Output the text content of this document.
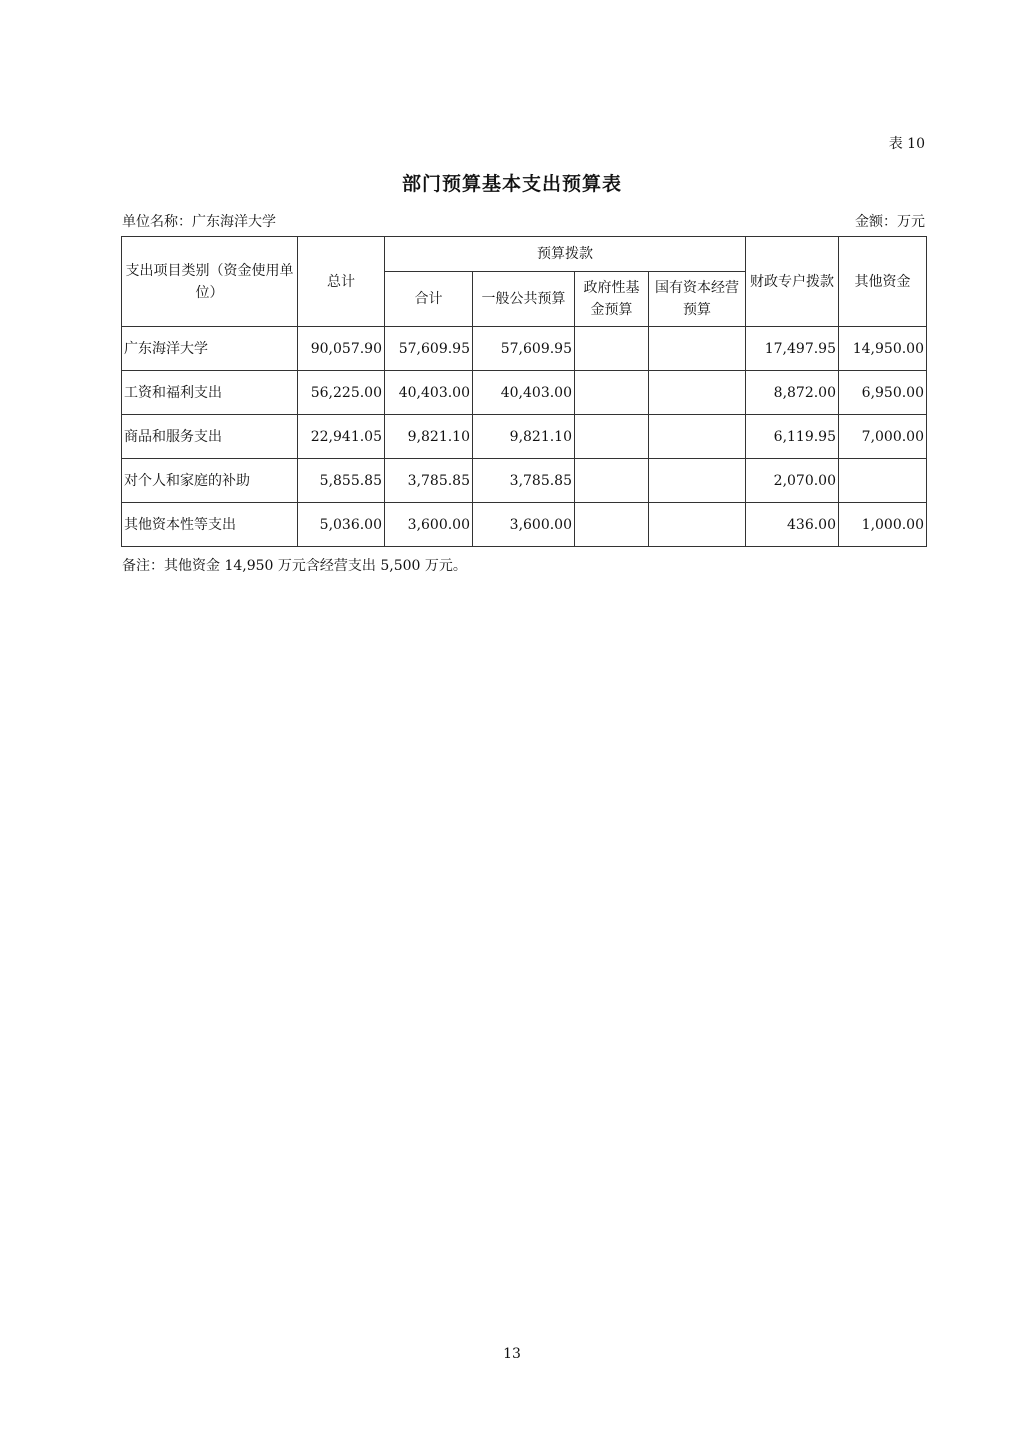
表 10
部门预算基本支出预算表
单位名称：广东海洋大学	金额：万元
支出项目类别（资金使用单位）	总计	预算拨款				财政专户拨款	其他资金
		合计	一般公共预算	政府性基金预算	国有资本经营预算		
广东海洋大学	90,057.90	57,609.95	57,609.95			17,497.95	14,950.00
工资和福利支出	56,225.00	40,403.00	40,403.00			8,872.00	6,950.00
商品和服务支出	22,941.05	9,821.10	9,821.10			6,119.95	7,000.00
对个人和家庭的补助	5,855.85	3,785.85	3,785.85			2,070.00	
其他资本性等支出	5,036.00	3,600.00	3,600.00			436.00	1,000.00
备注：其他资金 14,950 万元含经营支出 5,500 万元。
13
